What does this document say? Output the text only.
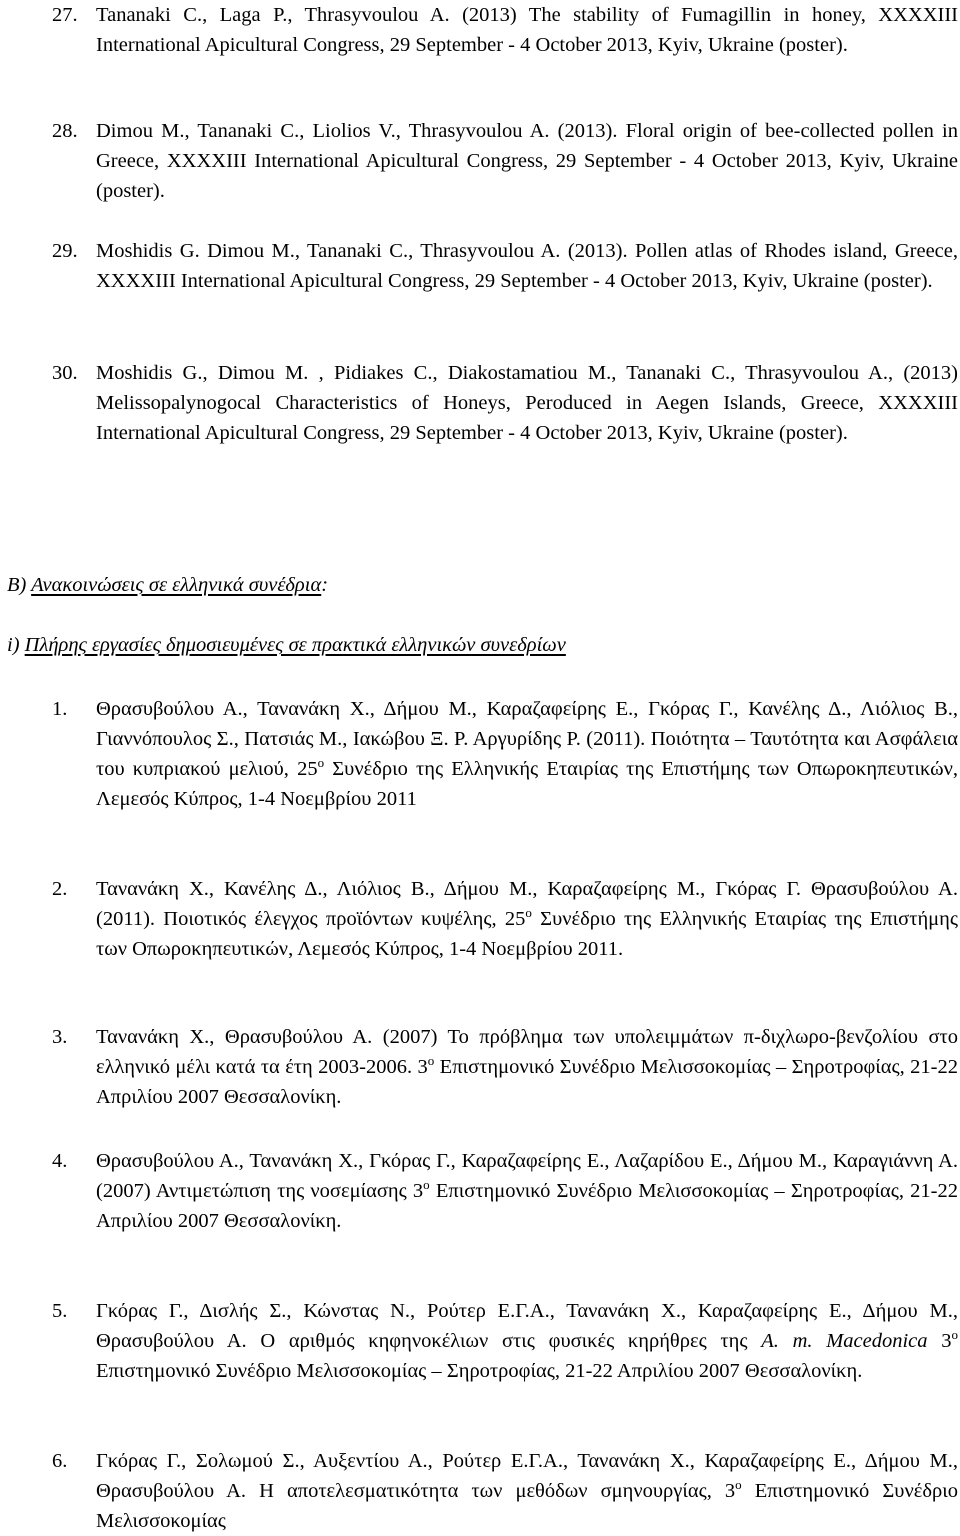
27. Tananaki C., Laga P., Thrasyvoulou A. (2013) The stability of Fumagillin in honey, XXXXIII International Apicultural Congress, 29 September - 4 October 2013, Kyiv, Ukraine (poster).
28. Dimou M., Tananaki C., Liolios V., Thrasyvoulou A. (2013). Floral origin of bee-collected pollen in Greece, XXXXIII International Apicultural Congress, 29 September - 4 October 2013, Kyiv, Ukraine (poster).
29. Moshidis G. Dimou M., Tananaki C., Thrasyvoulou A. (2013). Pollen atlas of Rhodes island, Greece, XXXXIII International Apicultural Congress, 29 September - 4 October 2013, Kyiv, Ukraine (poster).
30. Moshidis G., Dimou M. , Pidiakes C., Diakostamatiou M., Tananaki C., Thrasyvoulou A., (2013) Melissopalynogocal Characteristics of Honeys, Peroduced in Aegen Islands, Greece, XXXXIII International Apicultural Congress, 29 September - 4 October 2013, Kyiv, Ukraine (poster).
Β) Ανακοινώσεις σε ελληνικά συνέδρια:
i) Πλήρης εργασίες δημοσιευμένες σε πρακτικά ελληνικών συνεδρίων
1. Θρασυβούλου Α., Τανανάκη Χ., Δήμου Μ., Καραζαφείρης Ε., Γκόρας Γ., Κανέλης Δ., Λιόλιος Β., Γιαννόπουλος Σ., Πατσιάς Μ., Ιακώβου Ξ. Ρ. Αργυρίδης Ρ. (2011). Ποιότητα – Ταυτότητα και Ασφάλεια του κυπριακού μελιού, $25^o$ Συνέδριο της Ελληνικής Εταιρίας της Επιστήμης των Οπωροκηπευτικών, Λεμεσός Κύπρος, 1-4 Νοεμβρίου 2011
2. Τανανάκη Χ., Κανέλης Δ., Λιόλιος Β., Δήμου Μ., Καραζαφείρης Μ., Γκόρας Γ. Θρασυβούλου Α. (2011). Ποιοτικός έλεγχος προϊόντων κυψέλης, $25^o$ Συνέδριο της Ελληνικής Εταιρίας της Επιστήμης των Οπωροκηπευτικών, Λεμεσός Κύπρος, 1-4 Νοεμβρίου 2011.
3. Τανανάκη Χ., Θρασυβούλου Α. (2007) Το πρόβλημα των υπολειμμάτων π-διχλωρο-βενζολίου στο ελληνικό μέλι κατά τα έτη 2003-2006. $3^o$ Επιστημονικό Συνέδριο Μελισσοκομίας – Σηροτροφίας, 21-22 Απριλίου 2007 Θεσσαλονίκη.
4. Θρασυβούλου Α., Τανανάκη Χ., Γκόρας Γ., Καραζαφείρης Ε., Λαζαρίδου Ε., Δήμου Μ., Καραγιάννη Α. (2007) Αντιμετώπιση της νοσεμίασης $3^o$ Επιστημονικό Συνέδριο Μελισσοκομίας – Σηροτροφίας, 21-22 Απριλίου 2007 Θεσσαλονίκη.
5. Γκόρας Γ., Δισλής Σ., Κώνστας Ν., Ρούτερ Ε.Γ.Α., Τανανάκη Χ., Καραζαφείρης Ε., Δήμου Μ., Θρασυβούλου Α. Ο αριθμός κηφηνοκέλιων στις φυσικές κηρήθρες της A. m. Macedonica $3^o$ Επιστημονικό Συνέδριο Μελισσοκομίας – Σηροτροφίας, 21-22 Απριλίου 2007 Θεσσαλονίκη.
6. Γκόρας Γ., Σολωμού Σ., Αυξεντίου Α., Ρούτερ Ε.Γ.Α., Τανανάκη Χ., Καραζαφείρης Ε., Δήμου Μ., Θρασυβούλου Α. Η αποτελεσματικότητα των μεθόδων σμηνουργίας, $3^o$ Επιστημονικό Συνέδριο Μελισσοκομίας
